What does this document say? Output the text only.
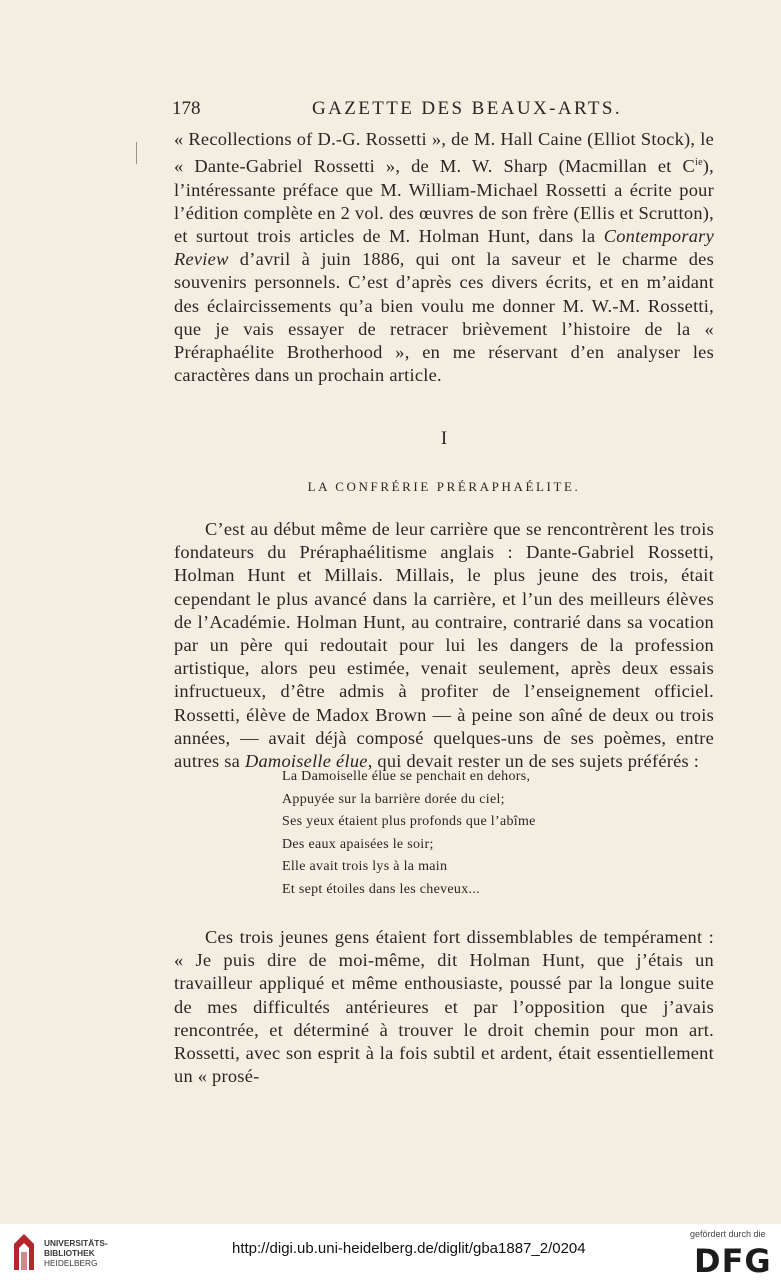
178	GAZETTE DES BEAUX-ARTS.

« Recollections of D.-G. Rossetti », de M. Hall Caine (Elliot Stock), le « Dante-Gabriel Rossetti », de M. W. Sharp (Macmillan et $C^{ie}$), l’intéressante préface que M. William-Michael Rossetti a écrite pour l’édition complète en 2 vol. des œuvres de son frère (Ellis et Scrutton), et surtout trois articles de M. Holman Hunt, dans la Contemporary Review d’avril à juin 1886, qui ont la saveur et le charme des souvenirs personnels. C’est d’après ces divers écrits, et en m’aidant des éclaircissements qu’a bien voulu me donner M. W.-M. Rossetti, que je vais essayer de retracer brièvement l’histoire de la « Préraphaélite Brotherhood », en me réservant d’en analyser les caractères dans un prochain article.

I
LA CONFRÉRIE PRÉRAPHAÉLITE.

C’est au début même de leur carrière que se rencontrèrent les trois fondateurs du Préraphaélitisme anglais : Dante-Gabriel Rossetti, Holman Hunt et Millais. Millais, le plus jeune des trois, était cependant le plus avancé dans la carrière, et l’un des meilleurs élèves de l’Académie. Holman Hunt, au contraire, contrarié dans sa vocation par un père qui redoutait pour lui les dangers de la profession artistique, alors peu estimée, venait seulement, après deux essais infructueux, d’être admis à profiter de l’enseignement officiel. Rossetti, élève de Madox Brown — à peine son aîné de deux ou trois années, — avait déjà composé quelques-uns de ses poèmes, entre autres sa Damoiselle élue, qui devait rester un de ses sujets préférés :

La Damoiselle élue se penchait en dehors,
Appuyée sur la barrière dorée du ciel;
Ses yeux étaient plus profonds que l’abîme
Des eaux apaisées le soir;
Elle avait trois lys à la main
Et sept étoiles dans les cheveux...

Ces trois jeunes gens étaient fort dissemblables de tempérament : « Je puis dire de moi-même, dit Holman Hunt, que j’étais un travailleur appliqué et même enthousiaste, poussé par la longue suite de mes difficultés antérieures et par l’opposition que j’avais rencontrée, et déterminé à trouver le droit chemin pour mon art. Rossetti, avec son esprit à la fois subtil et ardent, était essentiellement un « prosé-

UNIVERSITÄTS-
BIBLIOTHEK
HEIDELBERG
http://digi.ub.uni-heidelberg.de/diglit/gba1887_2/0204
gefördert durch die
DFG
